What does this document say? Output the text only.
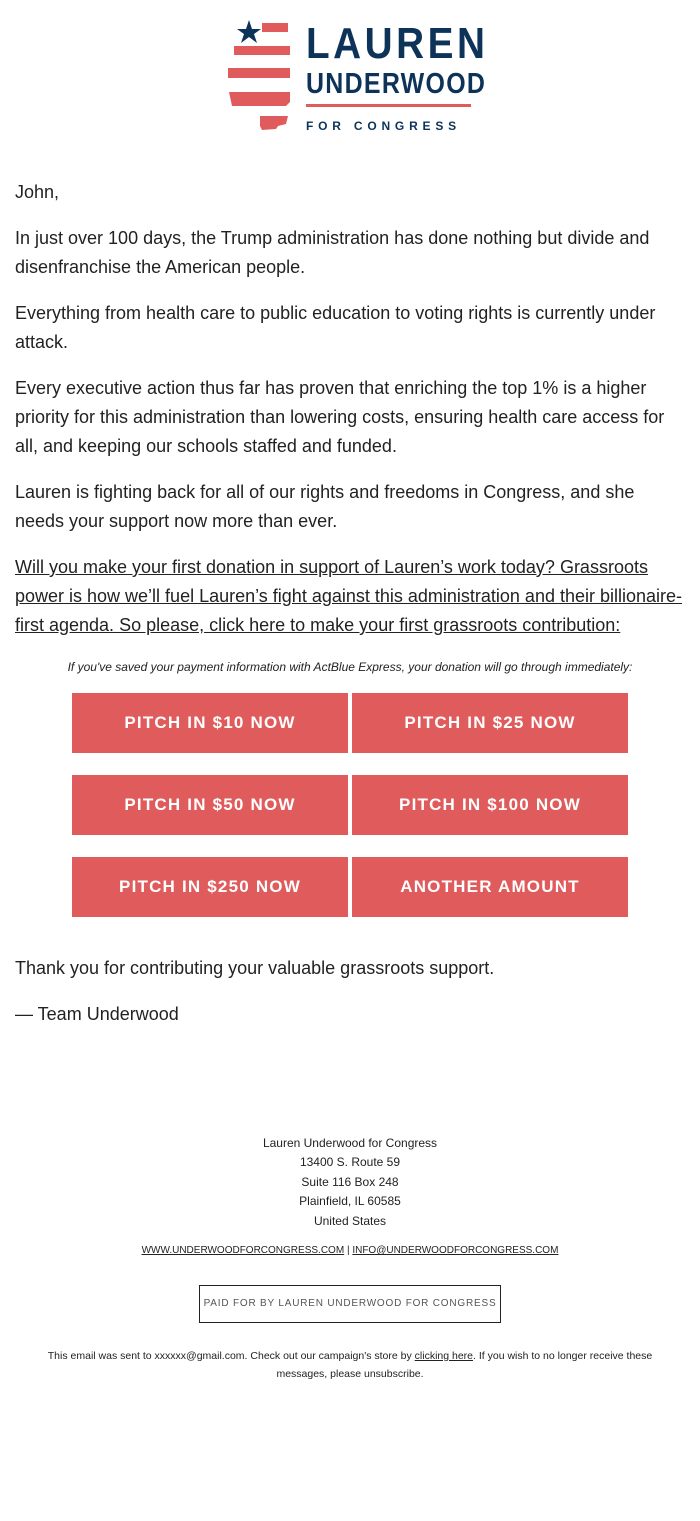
LAUREN

UNDERWOOD

FOR CONGRESS

John,

In just over 100 days, the Trump administration has done nothing but divide and disenfranchise the American people.

Everything from health care to public education to voting rights is currently under attack.

Every executive action thus far has proven that enriching the top 1% is a higher priority for this administration than lowering costs, ensuring health care access for all, and keeping our schools staffed and funded.

Lauren is fighting back for all of our rights and freedoms in Congress, and she needs your support now more than ever.

Will you make your first donation in support of Lauren’s work today? Grassroots power is how we’ll fuel Lauren’s fight against this administration and their billionaire-first agenda. So please, click here to make your first grassroots contribution:

If you've saved your payment information with ActBlue Express, your donation will go through immediately:
PITCH IN $10 NOW	PITCH IN $25 NOW
PITCH IN $50 NOW	PITCH IN $100 NOW
PITCH IN $250 NOW	ANOTHER AMOUNT

Thank you for contributing your valuable grassroots support.

— Team Underwood

Lauren Underwood for Congress
13400 S. Route 59
Suite 116 Box 248
Plainfield, IL 60585
United States
WWW.UNDERWOODFORCONGRESS.COM | INFO@UNDERWOODFORCONGRESS.COM
PAID FOR BY LAUREN UNDERWOOD FOR CONGRESS
This email was sent to xxxxxx@gmail.com. Check out our campaign's store by clicking here. If you wish to no longer receive these messages, please unsubscribe.
